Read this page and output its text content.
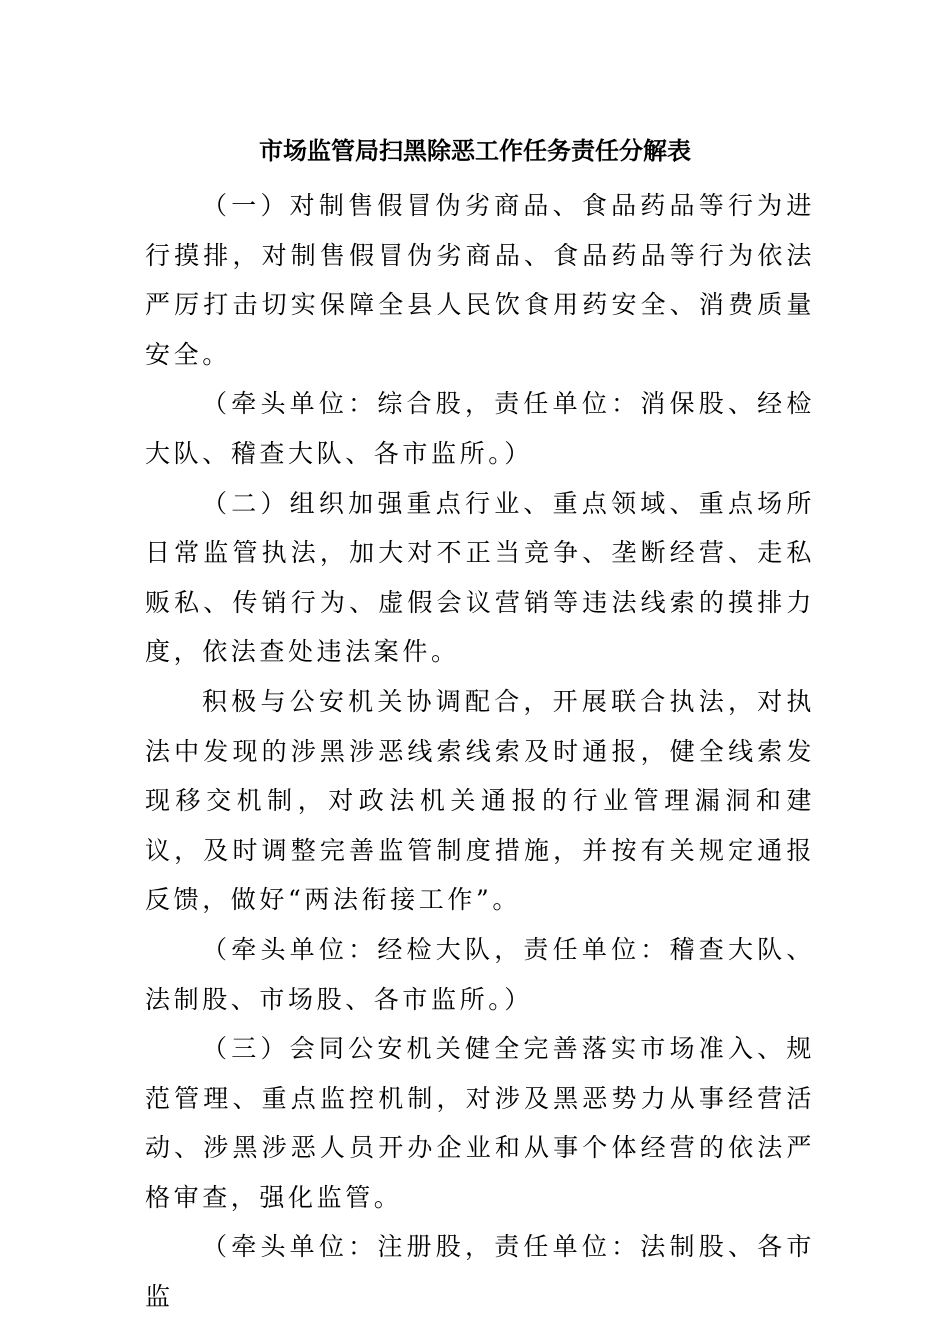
市场监管局扫黑除恶工作任务责任分解表

（一）对制售假冒伪劣商品、食品药品等行为进行摸排，对制售假冒伪劣商品、食品药品等行为依法严厉打击切实保障全县人民饮食用药安全、消费质量安全。

（牵头单位：综合股，责任单位：消保股、经检大队、稽查大队、各市监所。）

（二）组织加强重点行业、重点领域、重点场所日常监管执法，加大对不正当竞争、垄断经营、走私贩私、传销行为、虚假会议营销等违法线索的摸排力度，依法查处违法案件。

积极与公安机关协调配合，开展联合执法，对执法中发现的涉黑涉恶线索线索及时通报，健全线索发现移交机制，对政法机关通报的行业管理漏洞和建议，及时调整完善监管制度措施，并按有关规定通报反馈，做好“两法衔接工作”。

（牵头单位：经检大队，责任单位：稽查大队、法制股、市场股、各市监所。）

（三）会同公安机关健全完善落实市场准入、规范管理、重点监控机制，对涉及黑恶势力从事经营活动、涉黑涉恶人员开办企业和从事个体经营的依法严格审查，强化监管。

（牵头单位：注册股，责任单位：法制股、各市监
